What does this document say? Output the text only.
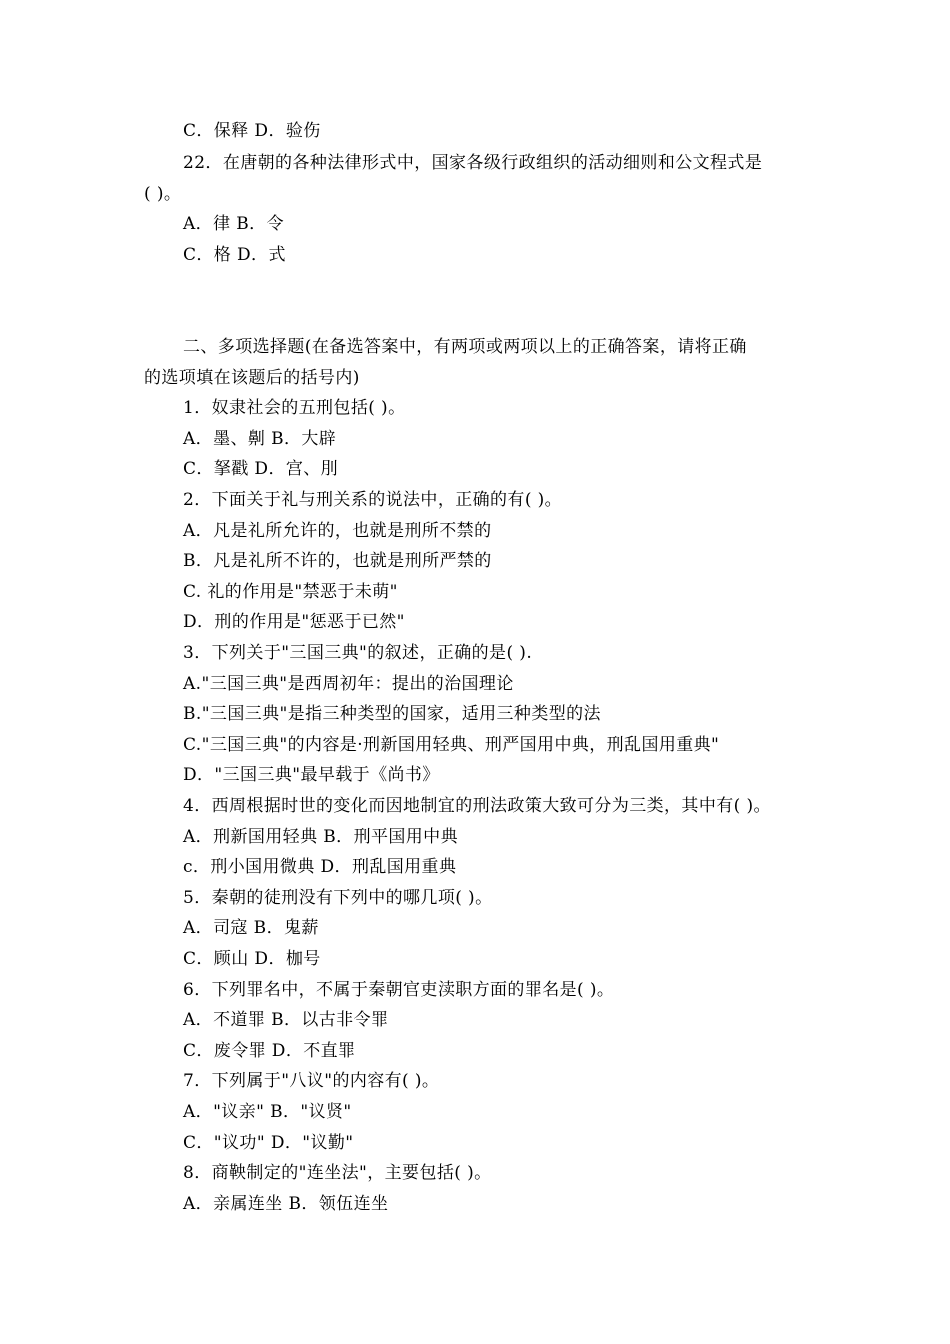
C．保释 D．验伤
22．在唐朝的各种法律形式中，国家各级行政组织的活动细则和公文程式是
( )。
A．律 B．令
C．格 D．式
二、多项选择题(在备选答案中，有两项或两项以上的正确答案，请将正确
的选项填在该题后的括号内)
1．奴隶社会的五刑包括( )。
A．墨、劓 B．大辟
C．拏戳 D．宫、刖
2．下面关于礼与刑关系的说法中，正确的有( )。
A．凡是礼所允许的，也就是刑所不禁的
B．凡是礼所不许的，也就是刑所严禁的
C. 礼的作用是"禁恶于未萌"
D．刑的作用是"惩恶于已然"
3．下列关于"三国三典"的叙述，正确的是( ).
A."三国三典"是西周初年：提出的治国理论
B."三国三典"是指三种类型的国家，适用三种类型的法
C."三国三典"的内容是·刑新国用轻典、刑严国用中典，刑乱国用重典"
D．"三国三典"最早载于《尚书》
4．西周根据时世的变化而因地制宜的刑法政策大致可分为三类，其中有( )。
A．刑新国用轻典 B．刑平国用中典
c．刑小国用微典 D．刑乱国用重典
5．秦朝的徒刑没有下列中的哪几项( )。
A．司寇 B．鬼薪
C．顾山 D．枷号
6．下列罪名中，不属于秦朝官吏渎职方面的罪名是( )。
A．不道罪 B．以古非令罪
C．废令罪 D．不直罪
7．下列属于"八议"的内容有( )。
A．"议亲" B．"议贤"
C．"议功" D．"议勤"
8．商鞅制定的"连坐法"，主要包括( )。
A．亲属连坐 B．领伍连坐
